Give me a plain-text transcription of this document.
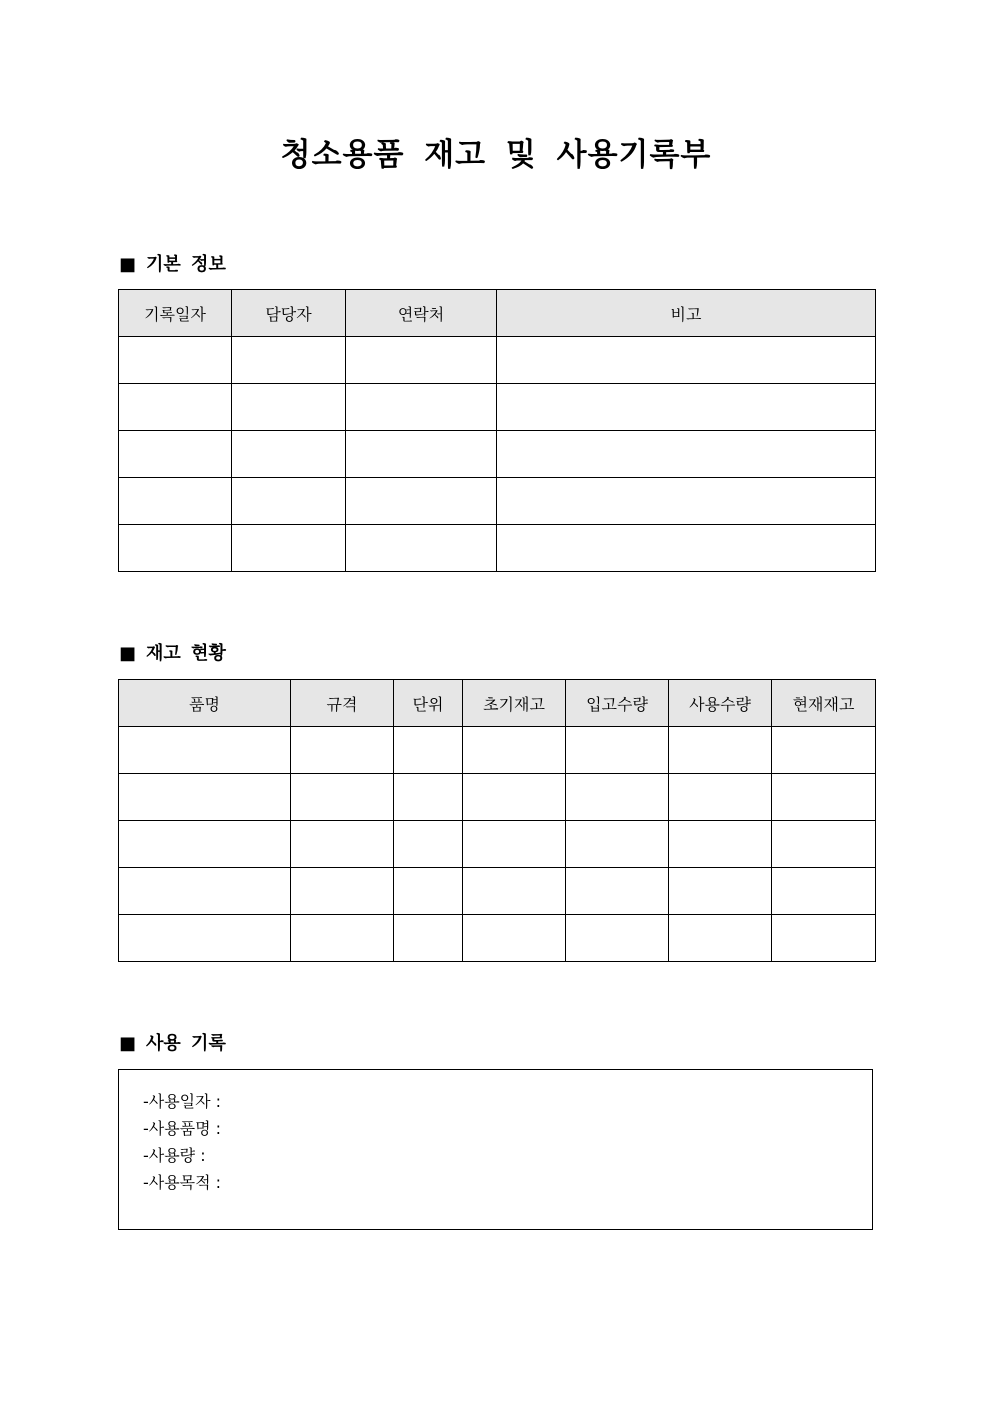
청소용품 재고 및 사용기록부
■ 기본 정보
기록일자	담당자	연락처	비고

■ 재고 현황
품명	규격	단위	초기재고	입고수량	사용수량	현재재고

■ 사용 기록
-사용일자 :
-사용품명 :
-사용량 :
-사용목적 :
